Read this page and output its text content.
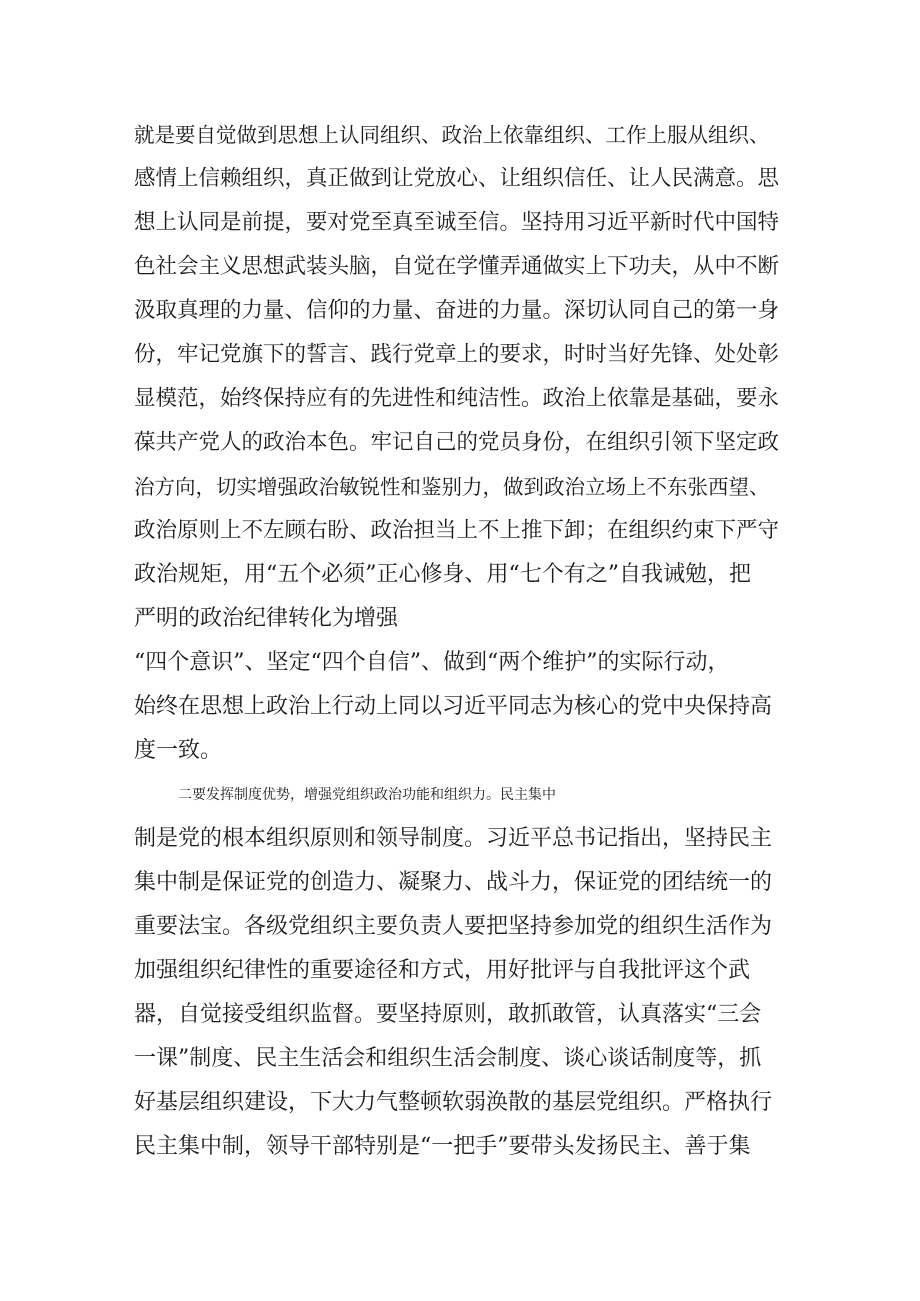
就是要自觉做到思想上认同组织、政治上依靠组织、工作上服从组织、
感情上信赖组织，真正做到让党放心、让组织信任、让人民满意。思
想上认同是前提，要对党至真至诚至信。坚持用习近平新时代中国特
色社会主义思想武装头脑，自觉在学懂弄通做实上下功夫，从中不断
汲取真理的力量、信仰的力量、奋进的力量。深切认同自己的第一身
份，牢记党旗下的誓言、践行党章上的要求，时时当好先锋、处处彰
显模范，始终保持应有的先进性和纯洁性。政治上依靠是基础，要永
葆共产党人的政治本色。牢记自己的党员身份，在组织引领下坚定政
治方向，切实增强政治敏锐性和鉴别力，做到政治立场上不东张西望、
政治原则上不左顾右盼、政治担当上不上推下卸；在组织约束下严守
政治规矩，用“五个必须”正心修身、用“七个有之”自我诫勉，把
严明的政治纪律转化为增强
“四个意识”、坚定“四个自信”、做到“两个维护”的实际行动，
始终在思想上政治上行动上同以习近平同志为核心的党中央保持高
度一致。
二要发挥制度优势，增强党组织政治功能和组织力。民主集中
制是党的根本组织原则和领导制度。习近平总书记指出，坚持民主
集中制是保证党的创造力、凝聚力、战斗力，保证党的团结统一的
重要法宝。各级党组织主要负责人要把坚持参加党的组织生活作为
加强组织纪律性的重要途径和方式，用好批评与自我批评这个武
器，自觉接受组织监督。要坚持原则，敢抓敢管，认真落实“三会
一课”制度、民主生活会和组织生活会制度、谈心谈话制度等，抓
好基层组织建设，下大力气整顿软弱涣散的基层党组织。严格执行
民主集中制，领导干部特别是“一把手”要带头发扬民主、善于集
